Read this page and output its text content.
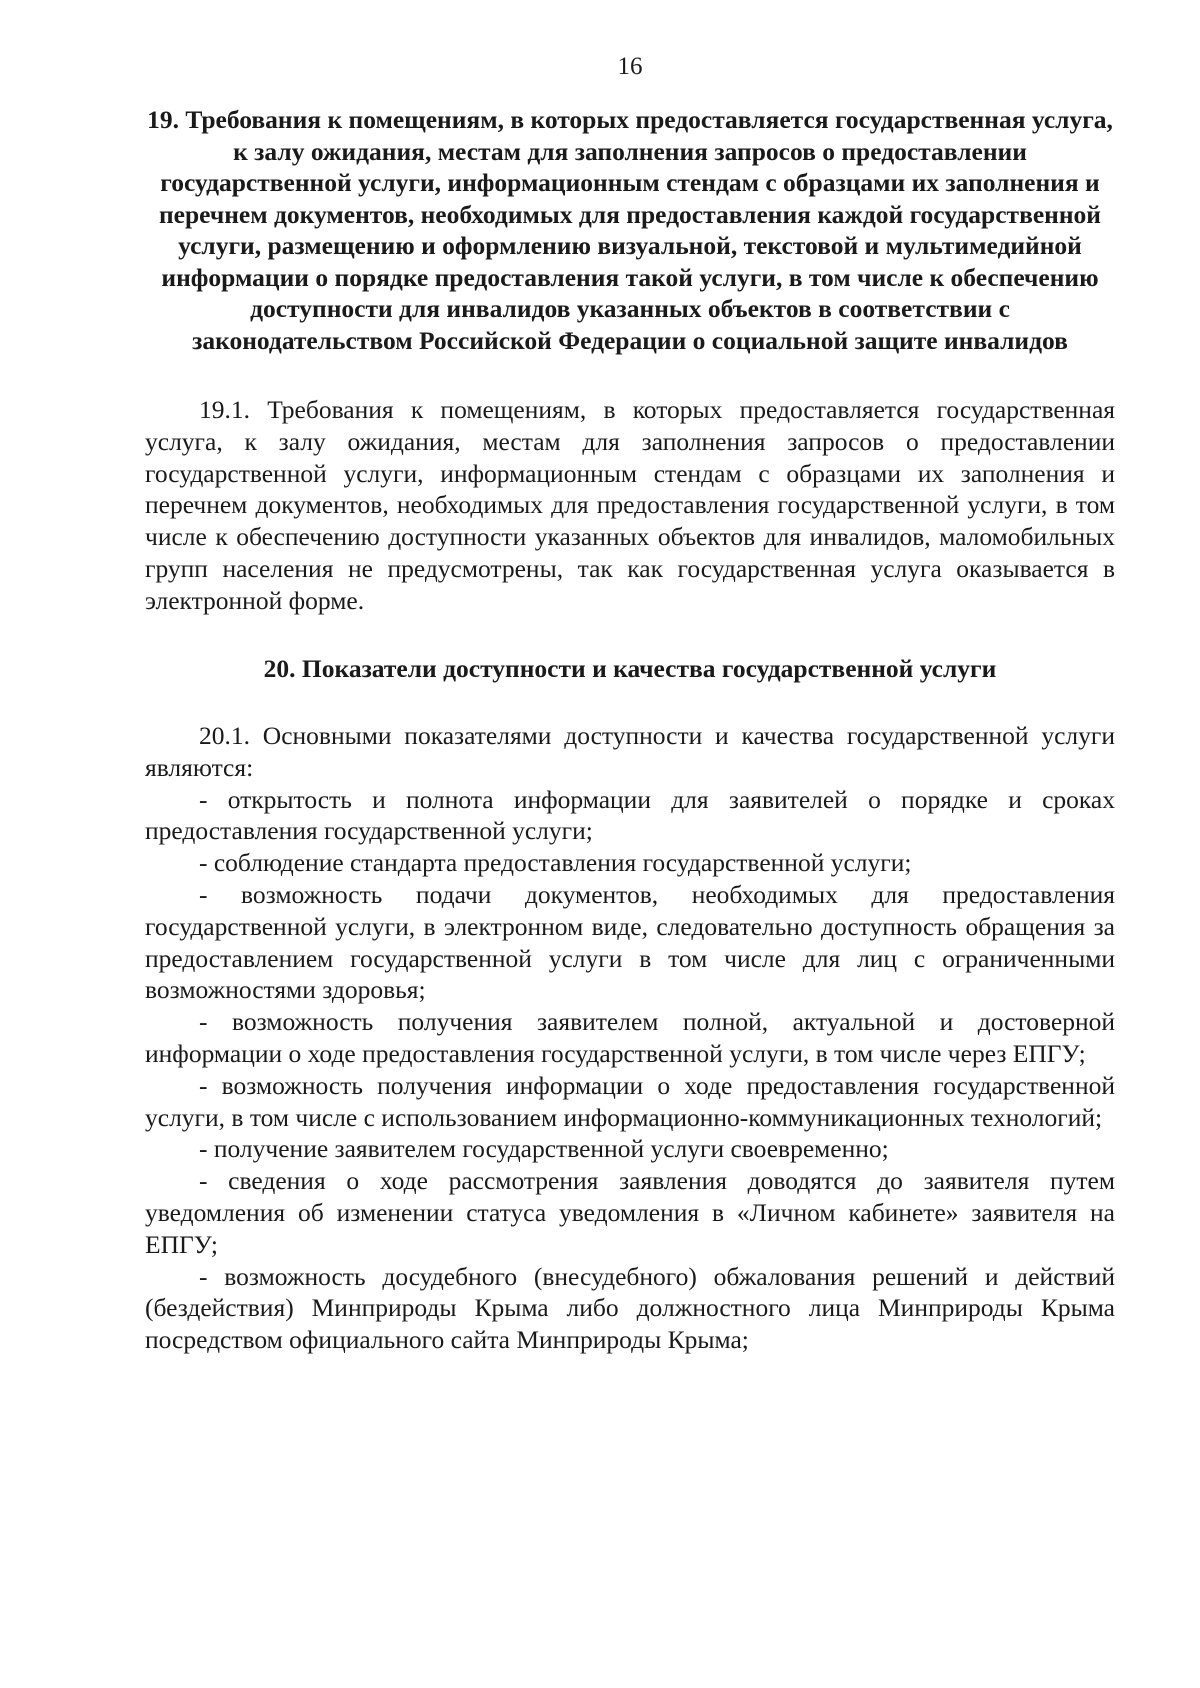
16
19. Требования к помещениям, в которых предоставляется государственная услуга, к залу ожидания, местам для заполнения запросов о предоставлении государственной услуги, информационным стендам с образцами их заполнения и перечнем документов, необходимых для предоставления каждой государственной услуги, размещению и оформлению визуальной, текстовой и мультимедийной информации о порядке предоставления такой услуги, в том числе к обеспечению доступности для инвалидов указанных объектов в соответствии с законодательством Российской Федерации о социальной защите инвалидов

19.1. Требования к помещениям, в которых предоставляется государственная услуга, к залу ожидания, местам для заполнения запросов о предоставлении государственной услуги, информационным стендам с образцами их заполнения и перечнем документов, необходимых для предоставления государственной услуги, в том числе к обеспечению доступности указанных объектов для инвалидов, маломобильных групп населения не предусмотрены, так как государственная услуга оказывается в электронной форме.

20. Показатели доступности и качества государственной услуги

20.1. Основными показателями доступности и качества государственной услуги являются:

- открытость и полнота информации для заявителей о порядке и сроках предоставления государственной услуги;

- соблюдение стандарта предоставления государственной услуги;

- возможность подачи документов, необходимых для предоставления государственной услуги, в электронном виде, следовательно доступность обращения за предоставлением государственной услуги в том числе для лиц с ограниченными возможностями здоровья;

- возможность получения заявителем полной, актуальной и достоверной информации о ходе предоставления государственной услуги, в том числе через ЕПГУ;

- возможность получения информации о ходе предоставления государственной услуги, в том числе с использованием информационно-коммуникационных технологий;

- получение заявителем государственной услуги своевременно;

- сведения о ходе рассмотрения заявления доводятся до заявителя путем уведомления об изменении статуса уведомления в «Личном кабинете» заявителя на ЕПГУ;

- возможность досудебного (внесудебного) обжалования решений и действий (бездействия) Минприроды Крыма либо должностного лица Минприроды Крыма посредством официального сайта Минприроды Крыма;
